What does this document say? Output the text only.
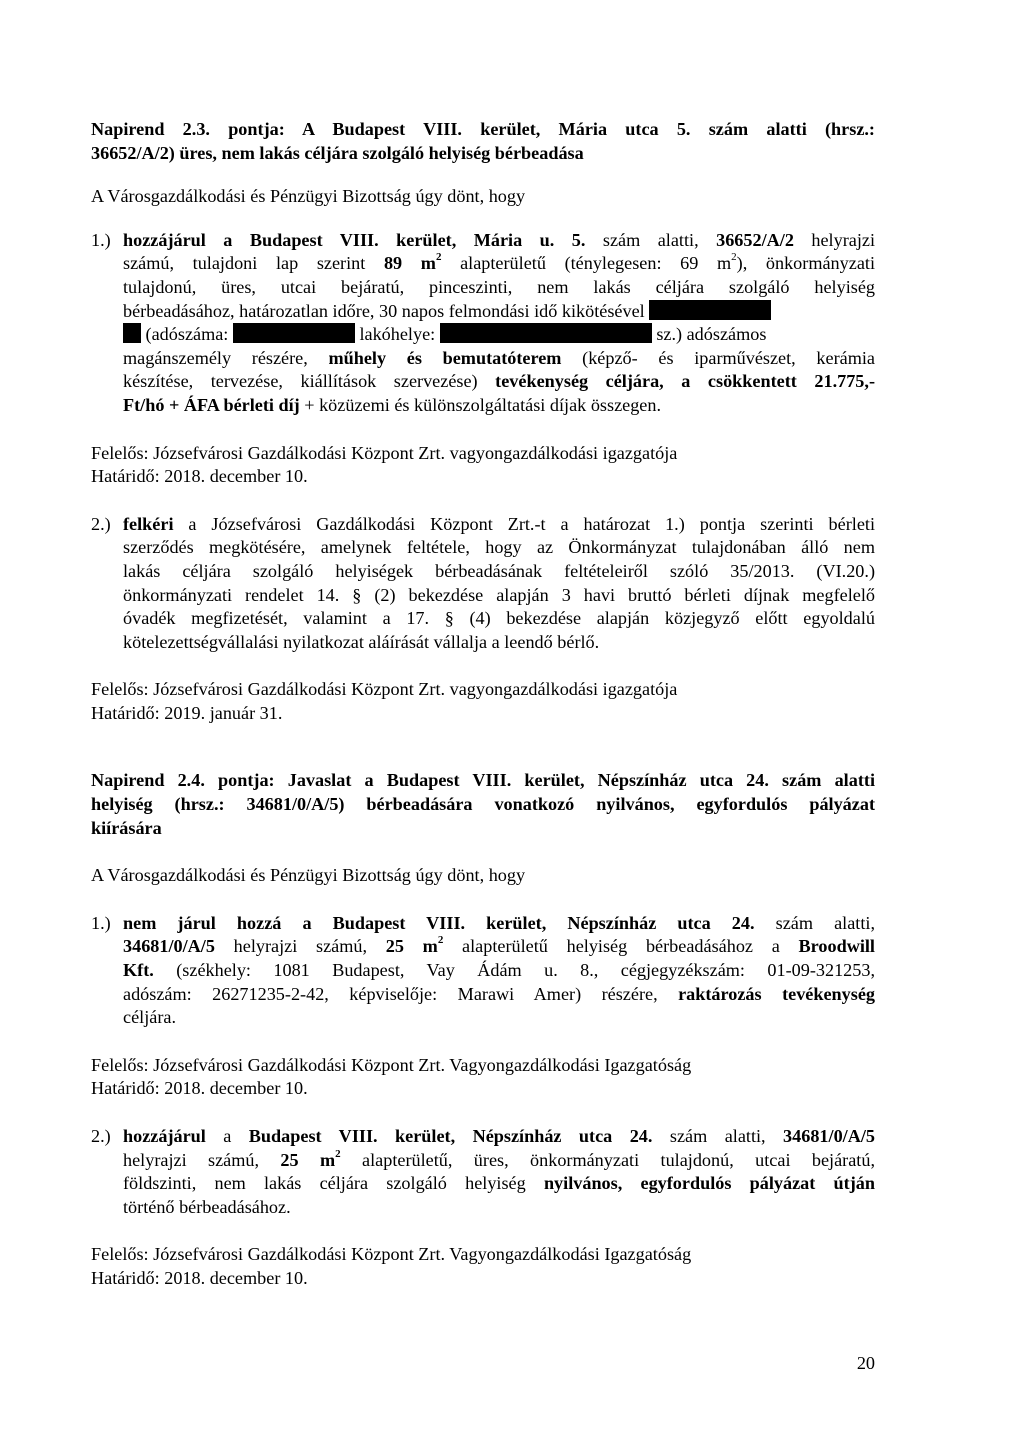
Napirend 2.3. pontja: A Budapest VIII. kerület, Mária utca 5. szám alatti (hrsz.:
36652/A/2) üres, nem lakás céljára szolgáló helyiség bérbeadása
A Városgazdálkodási és Pénzügyi Bizottság úgy dönt, hogy
1.) hozzájárul a Budapest VIII. kerület, Mária u. 5. szám alatti, 36652/A/2 helyrajzi
számú, tulajdoni lap szerint 89 $m^2$ alapterületű (ténylegesen: 69 $m^2$), önkormányzati
tulajdonú, üres, utcai bejáratú, pinceszinti, nem lakás céljára szolgáló helyiség
bérbeadásához, határozatlan időre, 30 napos felmondási idő kikötésével
(adószáma:	lakóhelye:	sz.) adószámos
magánszemély részére, műhely és bemutatóterem (képző- és iparművészet, kerámia
készítése, tervezése, kiállítások szervezése) tevékenység céljára, a csökkentett 21.775,-
Ft/hó + ÁFA bérleti díj + közüzemi és különszolgáltatási díjak összegen.
Felelős: Józsefvárosi Gazdálkodási Központ Zrt. vagyongazdálkodási igazgatója
Határidő: 2018. december 10.
2.) felkéri a Józsefvárosi Gazdálkodási Központ Zrt.-t a határozat 1.) pontja szerinti bérleti
szerződés megkötésére, amelynek feltétele, hogy az Önkormányzat tulajdonában álló nem
lakás céljára szolgáló helyiségek bérbeadásának feltételeiről szóló 35/2013. (VI.20.)
önkormányzati rendelet 14. § (2) bekezdése alapján 3 havi bruttó bérleti díjnak megfelelő
óvadék megfizetését, valamint a 17. § (4) bekezdése alapján közjegyző előtt egyoldalú
kötelezettségvállalási nyilatkozat aláírását vállalja a leendő bérlő.
Felelős: Józsefvárosi Gazdálkodási Központ Zrt. vagyongazdálkodási igazgatója
Határidő: 2019. január 31.
Napirend 2.4. pontja: Javaslat a Budapest VIII. kerület, Népszínház utca 24. szám alatti
helyiség (hrsz.: 34681/0/A/5) bérbeadására vonatkozó nyilvános, egyfordulós pályázat
kiírására
A Városgazdálkodási és Pénzügyi Bizottság úgy dönt, hogy
1.) nem járul hozzá a Budapest VIII. kerület, Népszínház utca 24. szám alatti,
34681/0/A/5 helyrajzi számú, 25 $m^2$ alapterületű helyiség bérbeadásához a Broodwill
Kft. (székhely: 1081 Budapest, Vay Ádám u. 8., cégjegyzékszám: 01-09-321253,
adószám: 26271235-2-42, képviselője: Marawi Amer) részére, raktározás tevékenység
céljára.
Felelős: Józsefvárosi Gazdálkodási Központ Zrt. Vagyongazdálkodási Igazgatóság
Határidő: 2018. december 10.
2.) hozzájárul a Budapest VIII. kerület, Népszínház utca 24. szám alatti, 34681/0/A/5
helyrajzi számú, 25 $m^2$ alapterületű, üres, önkormányzati tulajdonú, utcai bejáratú,
földszinti, nem lakás céljára szolgáló helyiség nyilvános, egyfordulós pályázat útján
történő bérbeadásához.
Felelős: Józsefvárosi Gazdálkodási Központ Zrt. Vagyongazdálkodási Igazgatóság
Határidő: 2018. december 10.
20
